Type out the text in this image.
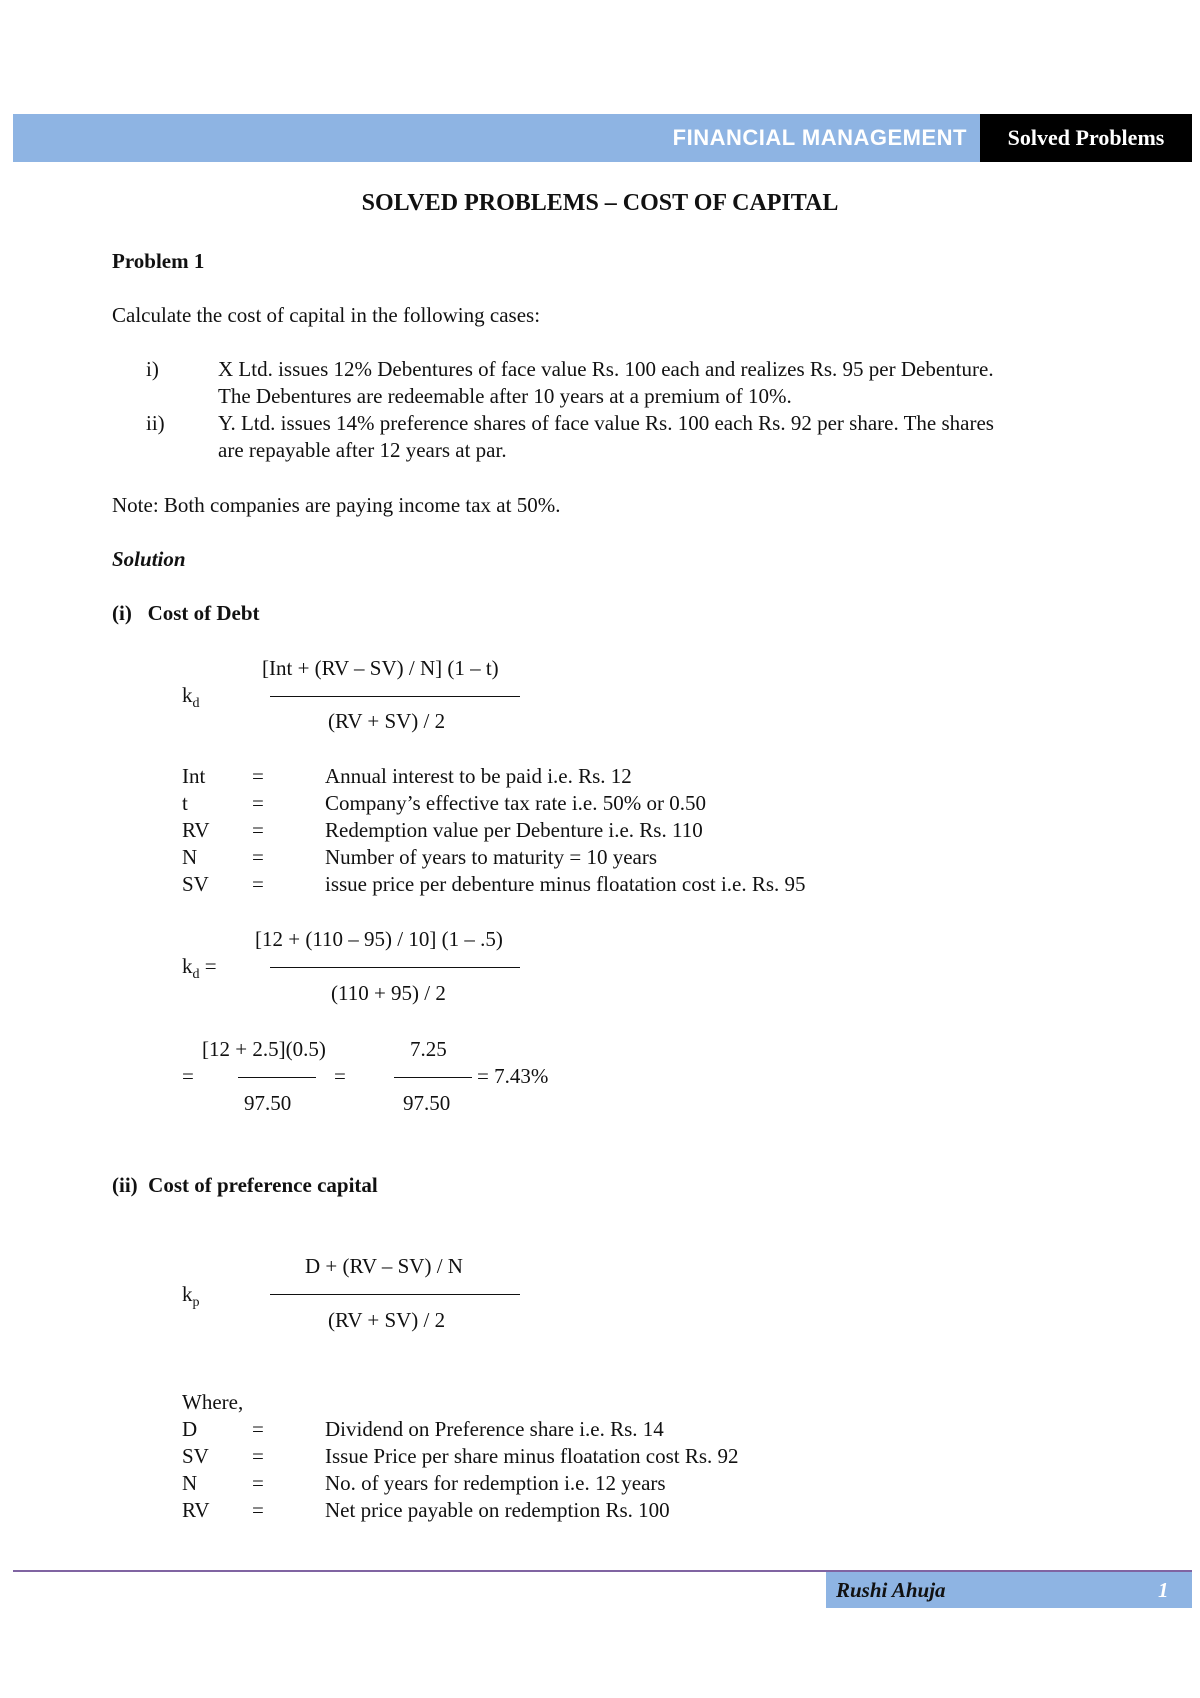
FINANCIAL MANAGEMENT	Solved Problems
SOLVED PROBLEMS – COST OF CAPITAL
Problem 1
Calculate the cost of capital in the following cases:
i)	X Ltd. issues 12% Debentures of face value Rs. 100 each and realizes Rs. 95 per Debenture.
The Debentures are redeemable after 10 years at a premium of 10%.
ii)	Y. Ltd. issues 14% preference shares of face value Rs. 100 each Rs. 92 per share. The shares
are repayable after 12 years at par.
Note: Both companies are paying income tax at 50%.
Solution
(i)   Cost of Debt
$k_d$
[Int + (RV – SV) / N] (1 – t)
(RV + SV) / 2
Int =	Annual interest to be paid i.e. Rs. 12
t	=	Company’s effective tax rate i.e. 50% or 0.50
RV =	Redemption value per Debenture i.e. Rs. 110
N	=	Number of years to maturity = 10 years
SV =	issue price per debenture minus floatation cost i.e. Rs. 95
$k_d$ =
[12 + (110 – 95) / 10] (1 – .5)
(110 + 95) / 2
=
[12 + 2.5](0.5)
97.50
=
7.25
97.50
= 7.43%
(ii)  Cost of preference capital
$k_p$
D + (RV – SV) / N
(RV + SV) / 2
Where,
D	=	Dividend on Preference share i.e. Rs. 14
SV =	Issue Price per share minus floatation cost Rs. 92
N	=	No. of years for redemption i.e. 12 years
RV =	Net price payable on redemption Rs. 100
Rushi Ahuja	1
